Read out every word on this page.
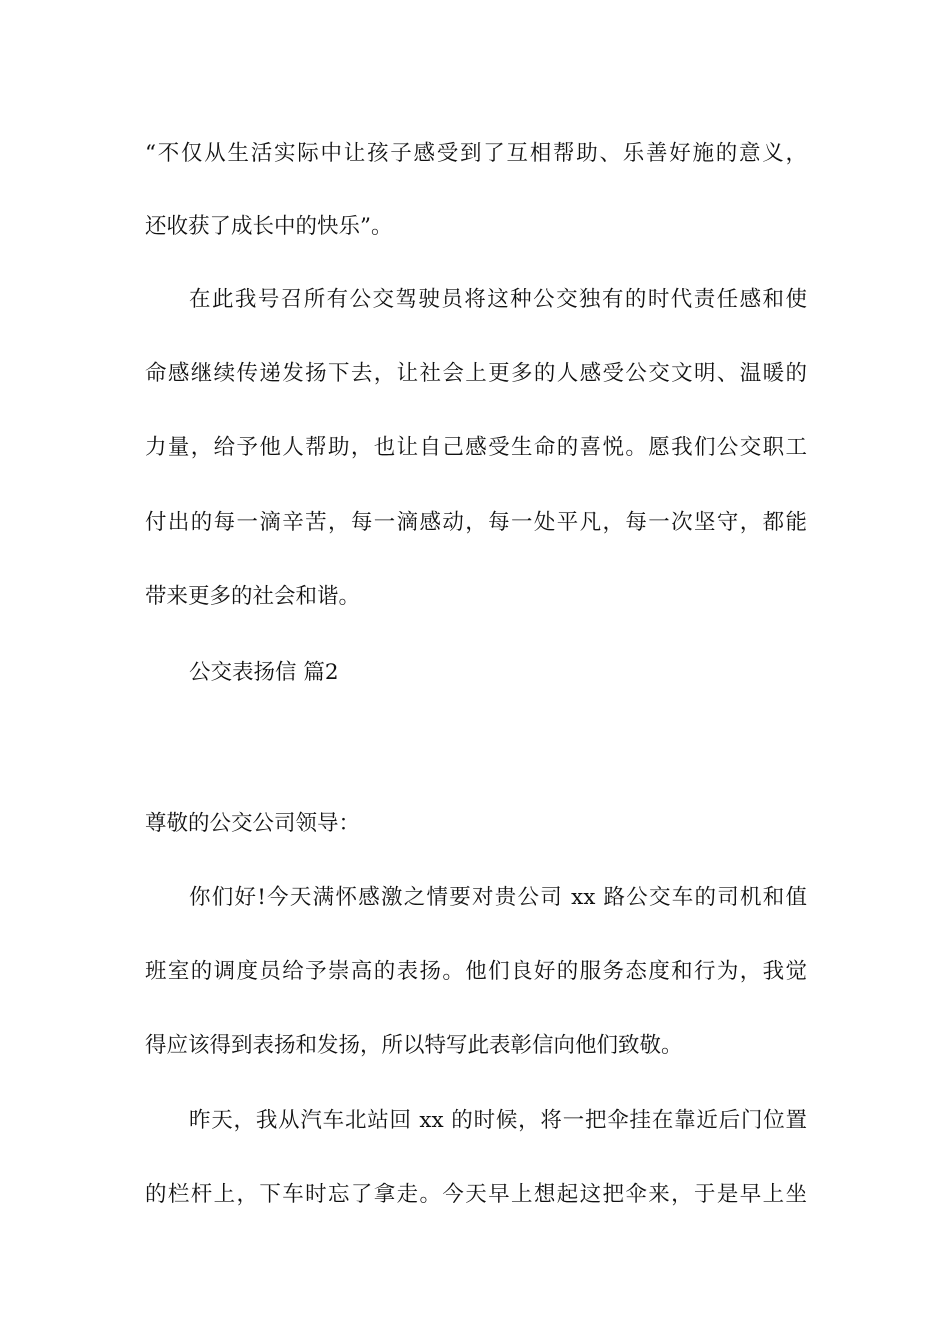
“不仅从生活实际中让孩子感受到了互相帮助、乐善好施的意义，
还收获了成长中的快乐”。
在此我号召所有公交驾驶员将这种公交独有的时代责任感和使
命感继续传递发扬下去，让社会上更多的人感受公交文明、温暖的
力量，给予他人帮助，也让自己感受生命的喜悦。愿我们公交职工
付出的每一滴辛苦，每一滴感动，每一处平凡，每一次坚守，都能
带来更多的社会和谐。
公交表扬信 篇2
尊敬的公交公司领导：
你们好!今天满怀感激之情要对贵公司 xx 路公交车的司机和值
班室的调度员给予崇高的表扬。他们良好的服务态度和行为，我觉
得应该得到表扬和发扬，所以特写此表彰信向他们致敬。
昨天，我从汽车北站回 xx 的时候，将一把伞挂在靠近后门位置
的栏杆上，下车时忘了拿走。今天早上想起这把伞来，于是早上坐
